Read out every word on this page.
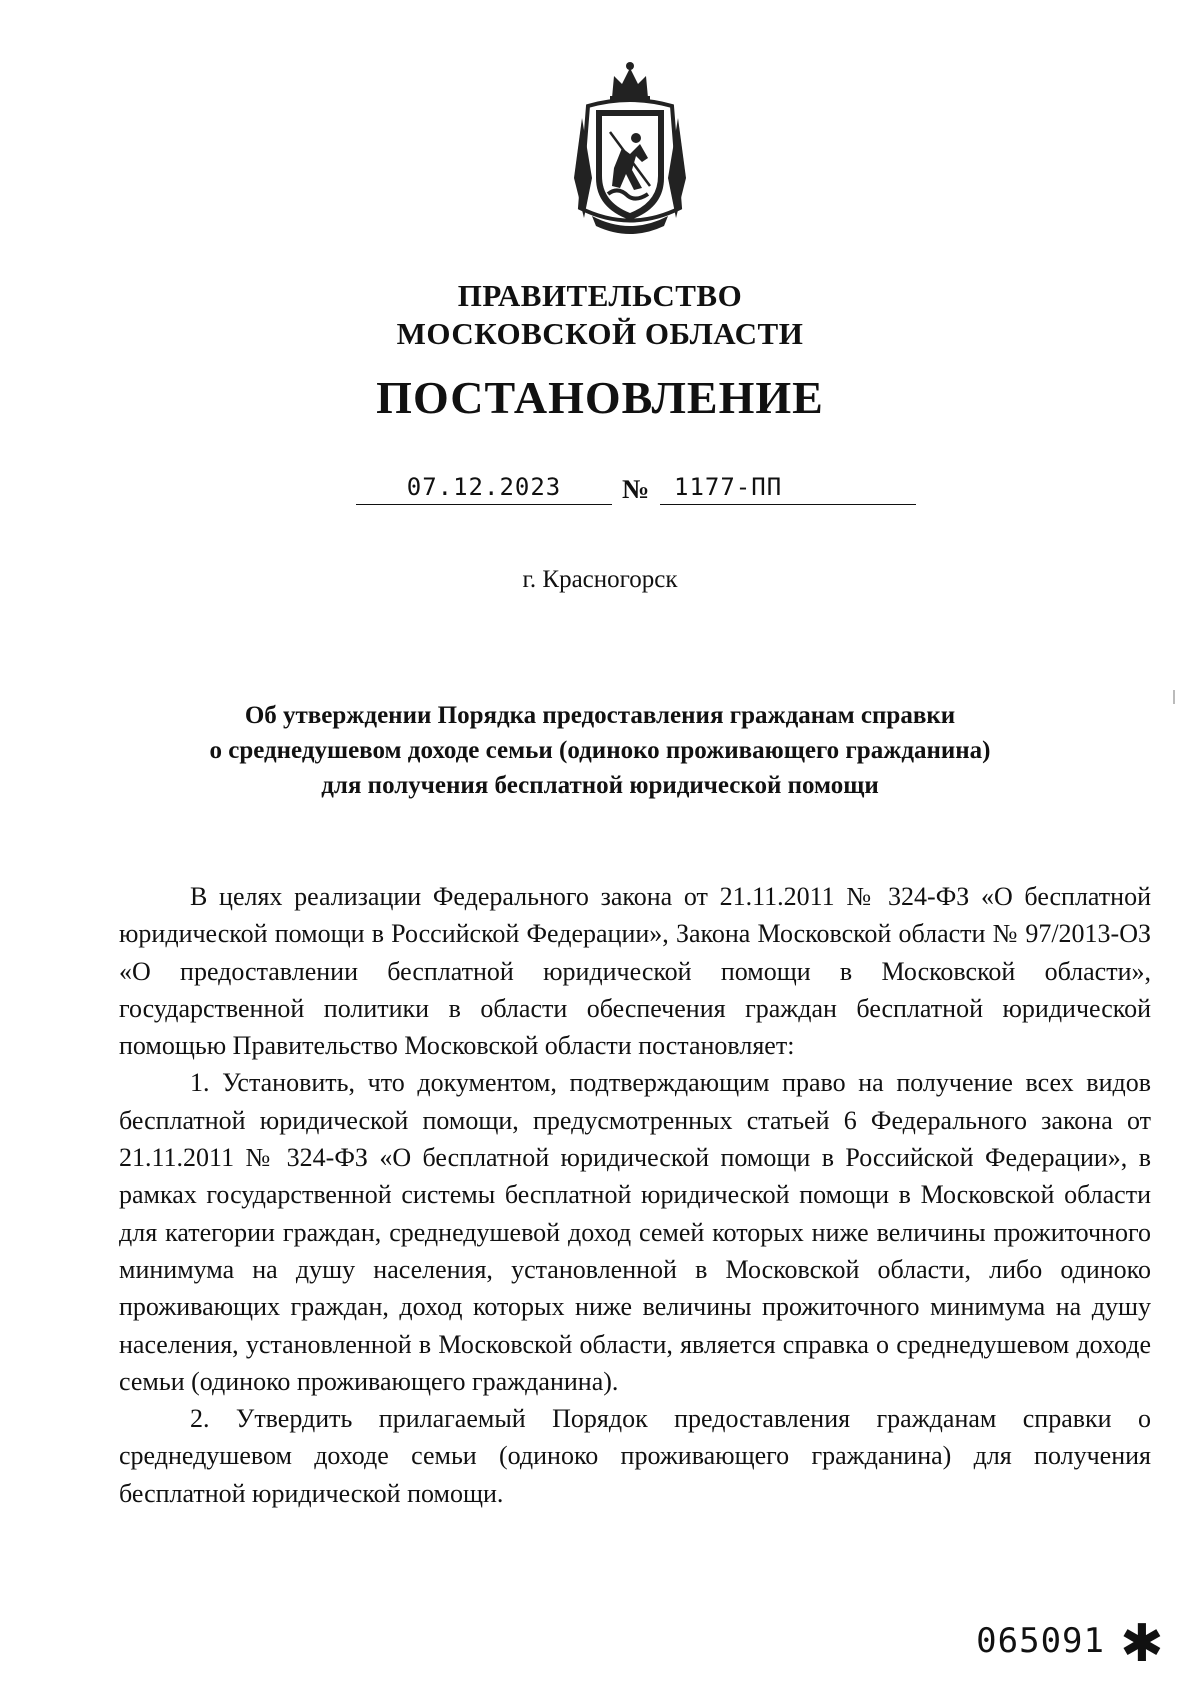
ПРАВИТЕЛЬСТВО
МОСКОВСКОЙ ОБЛАСТИ
ПОСТАНОВЛЕНИЕ
07.12.2023	№	1177-ПП
г. Красногорск
Об утверждении Порядка предоставления гражданам справки
о среднедушевом доходе семьи (одиноко проживающего гражданина)
для получения бесплатной юридической помощи

В целях реализации Федерального закона от 21.11.2011 № 324-ФЗ «О бесплатной юридической помощи в Российской Федерации», Закона Московской области № 97/2013-ОЗ «О предоставлении бесплатной юридической помощи в Московской области», государственной политики в области обеспечения граждан бесплатной юридической помощью Правительство Московской области постановляет:

1. Установить, что документом, подтверждающим право на получение всех видов бесплатной юридической помощи, предусмотренных статьей 6 Федерального закона от 21.11.2011 № 324-ФЗ «О бесплатной юридической помощи в Российской Федерации», в рамках государственной системы бесплатной юридической помощи в Московской области для категории граждан, среднедушевой доход семей которых ниже величины прожиточного минимума на душу населения, установленной в Московской области, либо одиноко проживающих граждан, доход которых ниже величины прожиточного минимума на душу населения, установленной в Московской области, является справка о среднедушевом доходе семьи (одиноко проживающего гражданина).

2. Утвердить прилагаемый Порядок предоставления гражданам справки о среднедушевом доходе семьи (одиноко проживающего гражданина) для получения бесплатной юридической помощи.

065091 ✱
